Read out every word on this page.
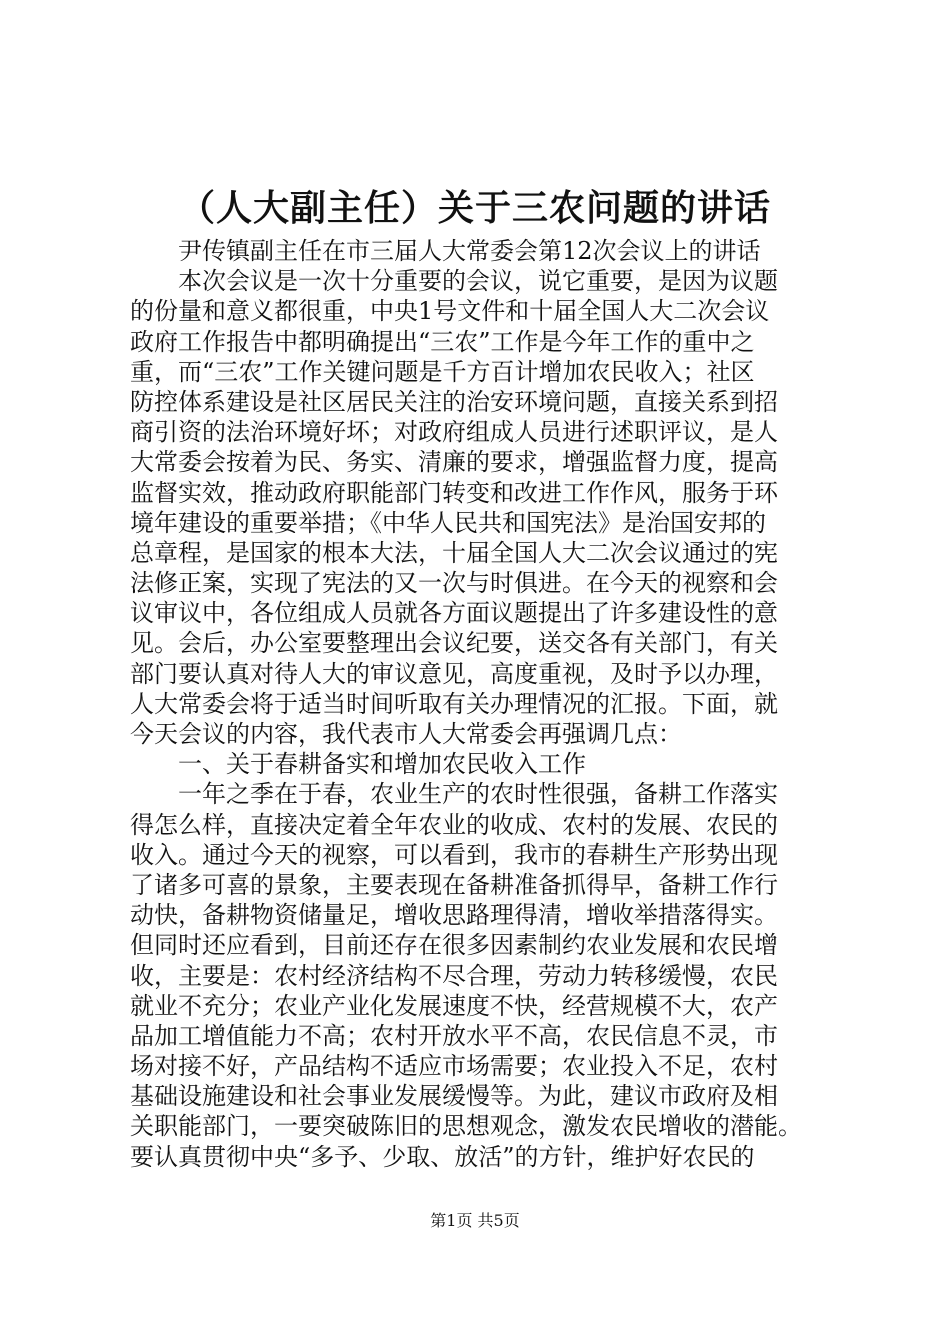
（人大副主任）关于三农问题的讲话
　　尹传镇副主任在市三届人大常委会第12次会议上的讲话
　　本次会议是一次十分重要的会议，说它重要，是因为议题
的份量和意义都很重，中央1号文件和十届全国人大二次会议
政府工作报告中都明确提出“三农”工作是今年工作的重中之
重，而“三农”工作关键问题是千方百计增加农民收入；社区
防控体系建设是社区居民关注的治安环境问题，直接关系到招
商引资的法治环境好坏；对政府组成人员进行述职评议，是人
大常委会按着为民、务实、清廉的要求，增强监督力度，提高
监督实效，推动政府职能部门转变和改进工作作风，服务于环
境年建设的重要举措；《中华人民共和国宪法》是治国安邦的
总章程，是国家的根本大法，十届全国人大二次会议通过的宪
法修正案，实现了宪法的又一次与时俱进。在今天的视察和会
议审议中，各位组成人员就各方面议题提出了许多建设性的意
见。会后，办公室要整理出会议纪要，送交各有关部门，有关
部门要认真对待人大的审议意见，高度重视，及时予以办理，
人大常委会将于适当时间听取有关办理情况的汇报。下面，就
今天会议的内容，我代表市人大常委会再强调几点：
　　一、关于春耕备实和增加农民收入工作
　　一年之季在于春，农业生产的农时性很强，备耕工作落实
得怎么样，直接决定着全年农业的收成、农村的发展、农民的
收入。通过今天的视察，可以看到，我市的春耕生产形势出现
了诸多可喜的景象，主要表现在备耕准备抓得早，备耕工作行
动快，备耕物资储量足，增收思路理得清，增收举措落得实。
但同时还应看到，目前还存在很多因素制约农业发展和农民增
收，主要是：农村经济结构不尽合理，劳动力转移缓慢，农民
就业不充分；农业产业化发展速度不快，经营规模不大，农产
品加工增值能力不高；农村开放水平不高，农民信息不灵，市
场对接不好，产品结构不适应市场需要；农业投入不足，农村
基础设施建设和社会事业发展缓慢等。为此，建议市政府及相
关职能部门，一要突破陈旧的思想观念，激发农民增收的潜能。
要认真贯彻中央“多予、少取、放活”的方针，维护好农民的
第1页 共5页
